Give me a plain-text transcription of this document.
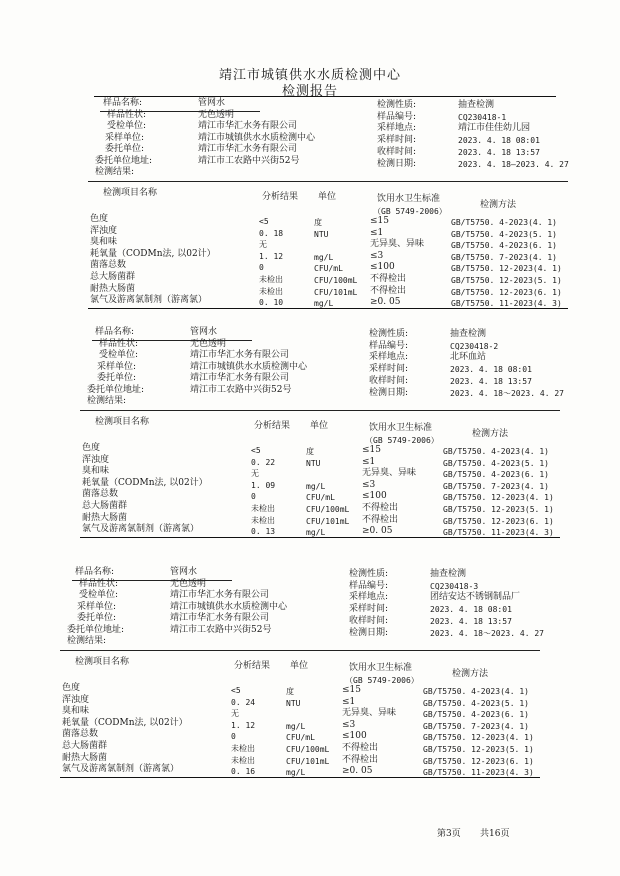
靖江市城镇供水水质检测中心
检测报告
样品名称:	管网水
样品性状:	无色透明
受检单位:	靖江市华汇水务有限公司
采样单位:	靖江市城镇供水水质检测中心
委托单位:	靖江市华汇水务有限公司
委托单位地址:	靖江市工农路中兴街52号
检测结果:
检测性质:	抽查检测
样品编号:	CQ230418-1
采样地点:	靖江市佳佳幼儿园
采样时间:	2023. 4. 18 08:01
收样时间:	2023. 4. 18 13:57
检测日期:	2023. 4. 18—2023. 4. 27
检测项目名称	分析结果 单位	饮用水卫生标准
（GB 5749-2006）
检测方法
色度	<5	度	≤15	GB/T5750. 4-2023(4. 1)
浑浊度	0. 18	NTU	≤1	GB/T5750. 4-2023(5. 1)
臭和味	无	无异臭、异味	GB/T5750. 4-2023(6. 1)
耗氧量（CODMn法, 以02计）	1. 12	mg/L	≤3	GB/T5750. 7-2023(4. 1)
菌落总数	0	CFU/mL	≤100	GB/T5750. 12-2023(4. 1)
总大肠菌群	未检出	CFU/100mL 不得检出	GB/T5750. 12-2023(5. 1)
耐热大肠菌	未检出	CFU/101mL 不得检出	GB/T5750. 12-2023(6. 1)
氯气及游离氯制剂（游离氯）	0. 10	mg/L	≥0. 05	GB/T5750. 11-2023(4. 3)
样品名称:	管网水
样品性状:	无色透明
受检单位:	靖江市华汇水务有限公司
采样单位:	靖江市城镇供水水质检测中心
委托单位:	靖江市华汇水务有限公司
委托单位地址:	靖江市工农路中兴街52号
检测结果:
检测性质:	抽查检测
样品编号:	CQ230418-2
采样地点:	北环血站
采样时间:	2023. 4. 18 08:01
收样时间:	2023. 4. 18 13:57
检测日期:	2023. 4. 18～2023. 4. 27
检测项目名称	分析结果 单位	饮用水卫生标准
（GB 5749-2006）
检测方法
色度	<5	度	≤15	GB/T5750. 4-2023(4. 1)
浑浊度	0. 22	NTU	≤1	GB/T5750. 4-2023(5. 1)
臭和味	无	无异臭、异味	GB/T5750. 4-2023(6. 1)
耗氧量（CODMn法, 以02计）	1. 09	mg/L	≤3	GB/T5750. 7-2023(4. 1)
菌落总数	0	CFU/mL	≤100	GB/T5750. 12-2023(4. 1)
总大肠菌群	未检出	CFU/100mL 不得检出	GB/T5750. 12-2023(5. 1)
耐热大肠菌	未检出	CFU/101mL 不得检出	GB/T5750. 12-2023(6. 1)
氯气及游离氯制剂（游离氯）	0. 13	mg/L	≥0. 05	GB/T5750. 11-2023(4. 3)
样品名称:	管网水
样品性状:	无色透明
受检单位:	靖江市华汇水务有限公司
采样单位:	靖江市城镇供水水质检测中心
委托单位:	靖江市华汇水务有限公司
委托单位地址:	靖江市工农路中兴街52号
检测结果:
检测性质:	抽查检测
样品编号:	CQ230418-3
采样地点:	团结安达不锈钢制品厂
采样时间:	2023. 4. 18 08:01
收样时间:	2023. 4. 18 13:57
检测日期:	2023. 4. 18～2023. 4. 27
检测项目名称	分析结果 单位	饮用水卫生标准
（GB 5749-2006）
检测方法
色度	<5	度	≤15	GB/T5750. 4-2023(4. 1)
浑浊度	0. 24	NTU	≤1	GB/T5750. 4-2023(5. 1)
臭和味	无	无异臭、异味	GB/T5750. 4-2023(6. 1)
耗氧量（CODMn法, 以02计）	1. 12	mg/L	≤3	GB/T5750. 7-2023(4. 1)
菌落总数	0	CFU/mL	≤100	GB/T5750. 12-2023(4. 1)
总大肠菌群	未检出	CFU/100mL 不得检出	GB/T5750. 12-2023(5. 1)
耐热大肠菌	未检出	CFU/101mL 不得检出	GB/T5750. 12-2023(6. 1)
氯气及游离氯制剂（游离氯）	0. 16	mg/L	≥0. 05	GB/T5750. 11-2023(4. 3)
第3页 共16页
